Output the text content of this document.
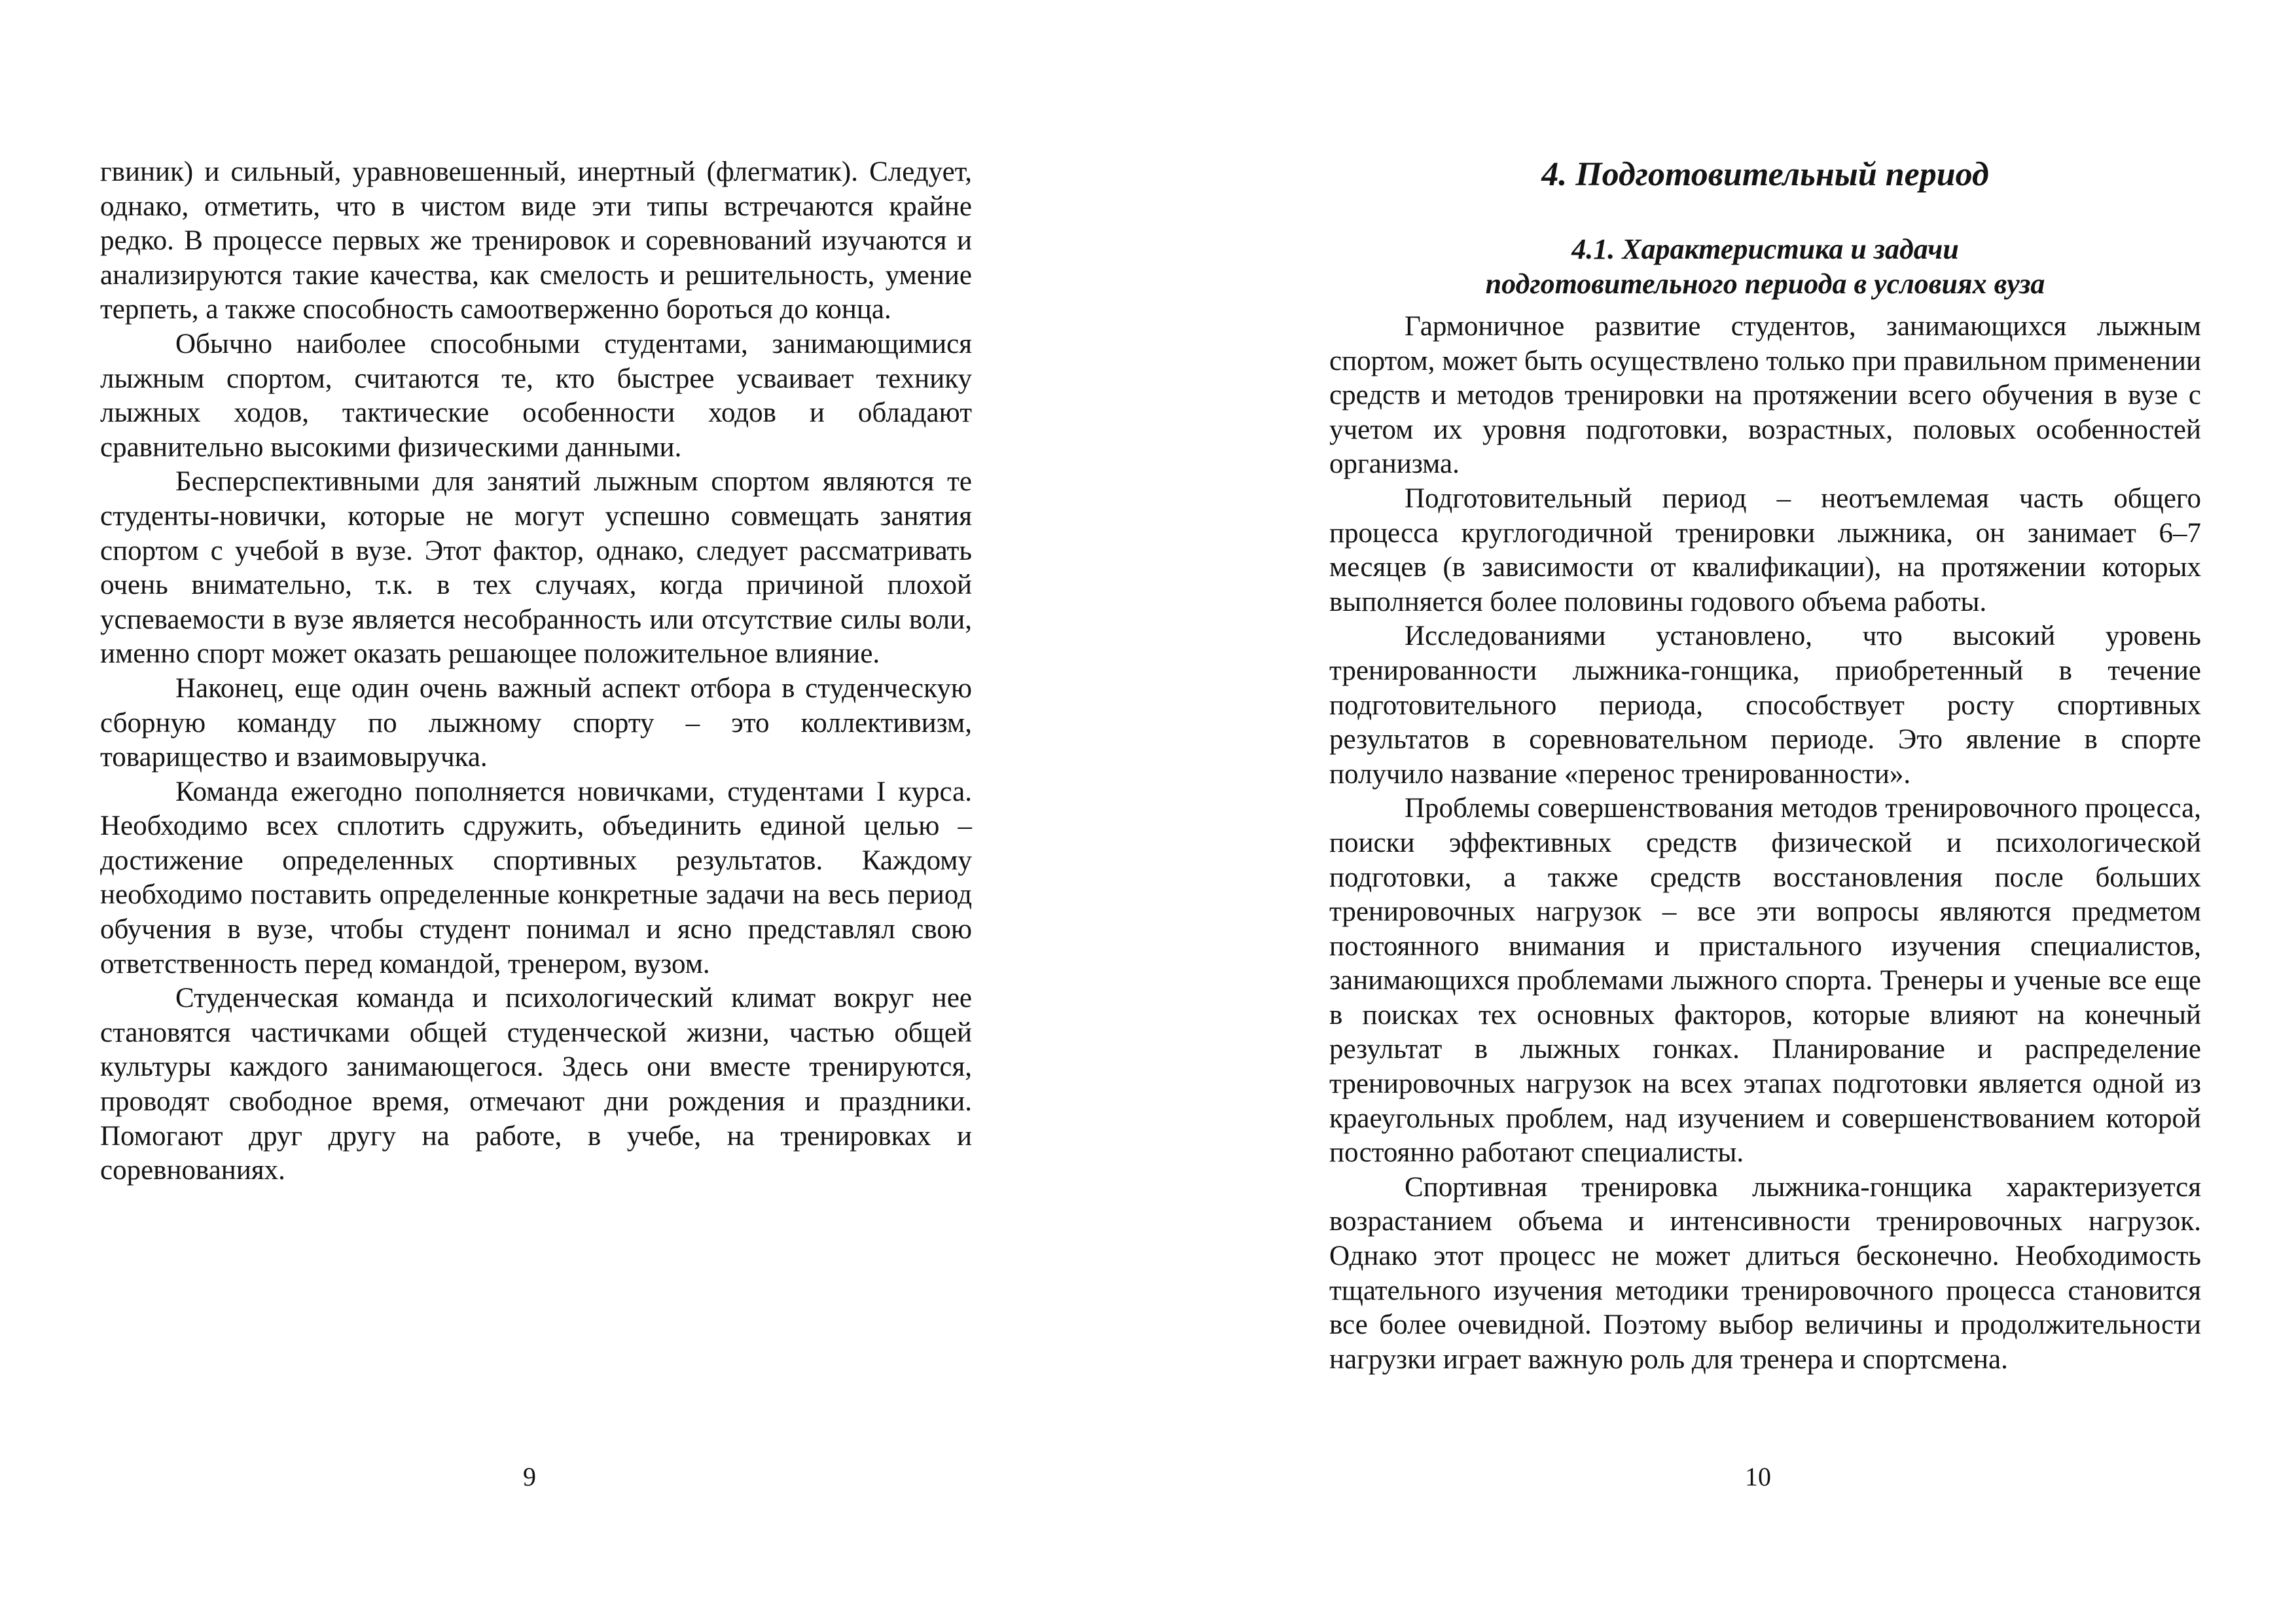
гвиник) и сильный, уравновешенный, инертный (флегматик). Следует, однако, отметить, что в чистом виде эти типы встречаются крайне редко. В процессе первых же тренировок и соревнований изучаются и анализируются такие качества, как смелость и решительность, умение терпеть, а также способность самоотверженно бороться до конца.

Обычно наиболее способными студентами, занимающимися лыжным спортом, считаются те, кто быстрее усваивает технику лыжных ходов, тактические особенности ходов и обладают сравнительно высокими физическими данными.

Бесперспективными для занятий лыжным спортом являются те студенты-новички, которые не могут успешно совмещать занятия спортом с учебой в вузе. Этот фактор, однако, следует рассматривать очень внимательно, т.к. в тех случаях, когда причиной плохой успеваемости в вузе является несобранность или отсутствие силы воли, именно спорт может оказать решающее положительное влияние.

Наконец, еще один очень важный аспект отбора в студенческую сборную команду по лыжному спорту – это коллективизм, товарищество и взаимовыручка.

Команда ежегодно пополняется новичками, студентами I курса. Необходимо всех сплотить сдружить, объединить единой целью – достижение определенных спортивных результатов. Каждому необходимо поставить определенные конкретные задачи на весь период обучения в вузе, чтобы студент понимал и ясно представлял свою ответственность перед командой, тренером, вузом.

Студенческая команда и психологический климат вокруг нее становятся частичками общей студенческой жизни, частью общей культуры каждого занимающегося. Здесь они вместе тренируются, проводят свободное время, отмечают дни рождения и праздники. Помогают друг другу на работе, в учебе, на тренировках и соревнованиях.

9
4. Подготовительный период
4.1. Характеристика и задачи
подготовительного периода в условиях вуза

Гармоничное развитие студентов, занимающихся лыжным спортом, может быть осуществлено только при правильном применении средств и методов тренировки на протяжении всего обучения в вузе с учетом их уровня подготовки, возрастных, половых особенностей организма.

Подготовительный период – неотъемлемая часть общего процесса круглогодичной тренировки лыжника, он занимает 6–7 месяцев (в зависимости от квалификации), на протяжении которых выполняется более половины годового объема работы.

Исследованиями установлено, что высокий уровень тренированности лыжника-гонщика, приобретенный в течение подготовительного периода, способствует росту спортивных результатов в соревновательном периоде. Это явление в спорте получило название «перенос тренированности».

Проблемы совершенствования методов тренировочного процесса, поиски эффективных средств физической и психологической подготовки, а также средств восстановления после больших тренировочных нагрузок – все эти вопросы являются предметом постоянного внимания и пристального изучения специалистов, занимающихся проблемами лыжного спорта. Тренеры и ученые все еще в поисках тех основных факторов, которые влияют на конечный результат в лыжных гонках. Планирование и распределение тренировочных нагрузок на всех этапах подготовки является одной из краеугольных проблем, над изучением и совершенствованием которой постоянно работают специалисты.

Спортивная тренировка лыжника-гонщика характеризуется возрастанием объема и интенсивности тренировочных нагрузок. Однако этот процесс не может длиться бесконечно. Необходимость тщательного изучения методики тренировочного процесса становится все более очевидной. Поэтому выбор величины и продолжительности нагрузки играет важную роль для тренера и спортсмена.

10
